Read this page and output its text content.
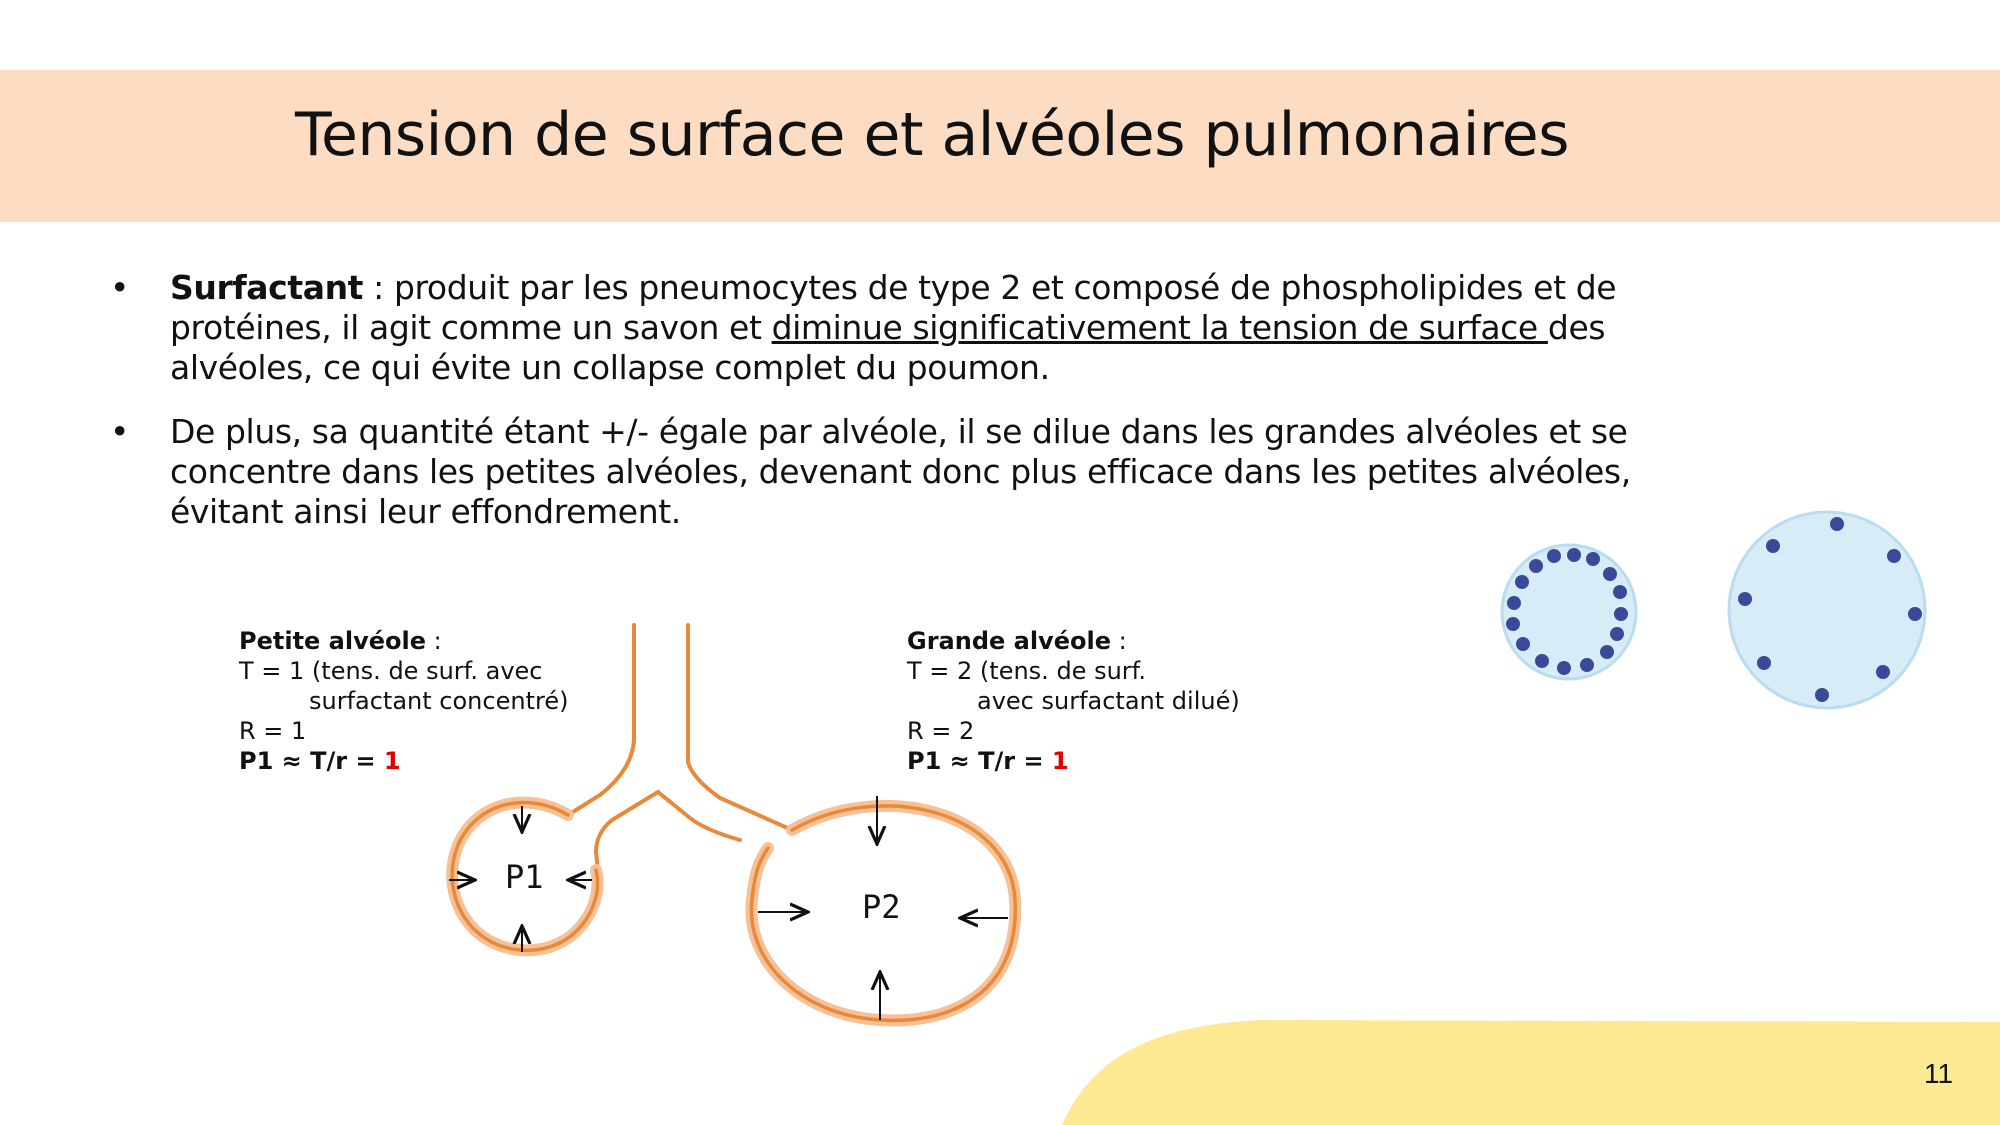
Tension de surface et alvéoles pulmonaires
• Surfactant : produit par les pneumocytes de type 2 et composé de phospholipides et de protéines, il agit comme un savon et diminue significativement la tension de surface des alvéoles, ce qui évite un collapse complet du poumon.
• De plus, sa quantité étant +/- égale par alvéole, il se dilue dans les grandes alvéoles et se concentre dans les petites alvéoles, devenant donc plus efficace dans les petites alvéoles, évitant ainsi leur effondrement.
Petite alvéole :
T = 1 (tens. de surf. avec
surfactant concentré)
R = 1
P1 ≈ T/r = 1
Grande alvéole :
T = 2 (tens. de surf.
avec surfactant dilué)
R = 2
P1 ≈ T/r = 1
P1
P2
11
